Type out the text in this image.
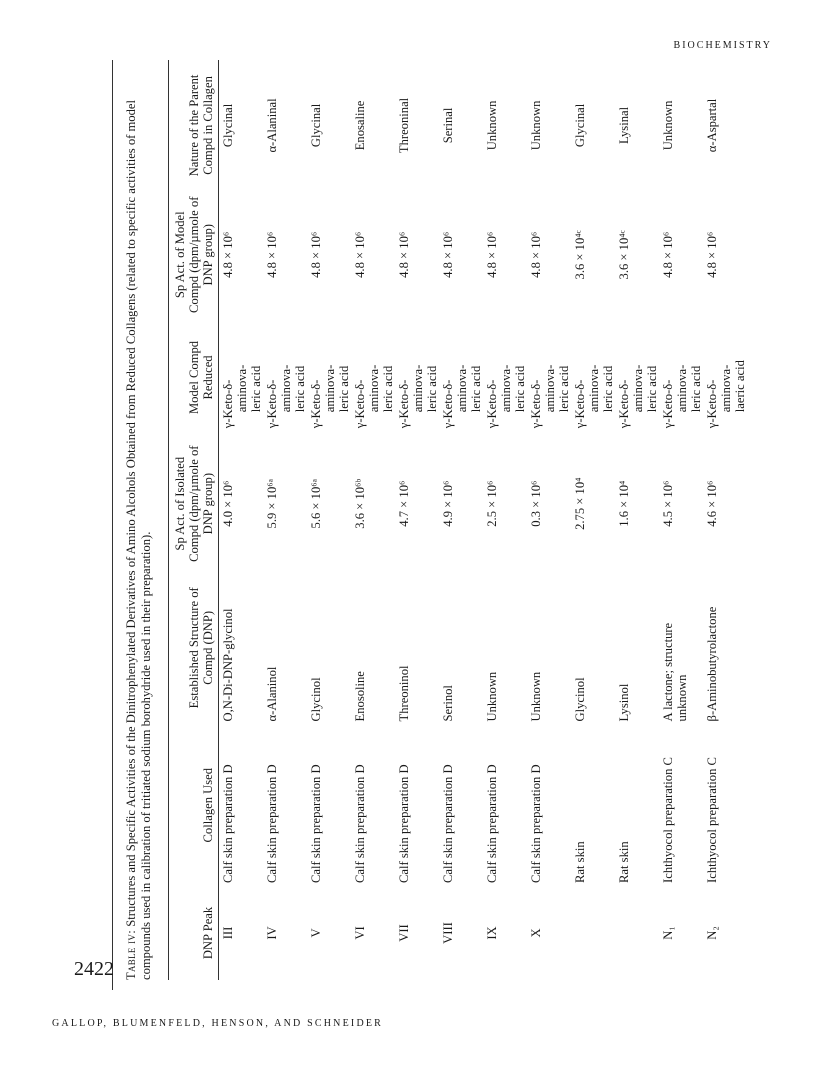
BIOCHEMISTRY
2422
GALLOP, BLUMENFELD, HENSON, AND SCHNEIDER
Table iv: Structures and Specific Activities of the Dinitrophenylated Derivatives of Amino Alcohols Obtained from Reduced Collagens (related to specific activities of model compounds used in calibration of tritiated sodium borohydride used in their preparation).	DNP Peak	Collagen Used	Established Structure of Compd (DNP)	Sp Act. of Isolated Compd (dpm/µmole of DNP group)	Model Compd Reduced	Sp Act. of Model Compd (dpm/µmole of DNP group)	Nature of the Parent Compd in Collagen
III	Calf skin preparation D	O,N-Di-DNP-glycinol	4.0 × 10⁶	γ-Keto-δ- aminova- leric acid	4.8 × 10⁶	Glycinal
IV	Calf skin preparation D	α-Alaninol	5.9 × 10⁶ᵃ	γ-Keto-δ- aminova- leric acid	4.8 × 10⁶	α-Alaninal
V	Calf skin preparation D	Glycinol	5.6 × 10⁶ᵃ	γ-Keto-δ- aminova- leric acid	4.8 × 10⁶	Glycinal
VI	Calf skin preparation D	Enosoline	3.6 × 10⁶ᵇ	γ-Keto-δ- aminova- leric acid	4.8 × 10⁶	Enosaline
VII	Calf skin preparation D	Threoninol	4.7 × 10⁶	γ-Keto-δ- aminova- leric acid	4.8 × 10⁶	Threoninal
VIII	Calf skin preparation D	Serinol	4.9 × 10⁶	γ-Keto-δ- aminova- leric acid	4.8 × 10⁶	Serinal
IX	Calf skin preparation D	Unknown	2.5 × 10⁶	γ-Keto-δ- aminova- leric acid	4.8 × 10⁶	Unknown
X	Calf skin preparation D	Unknown	0.3 × 10⁶	γ-Keto-δ- aminova- leric acid	4.8 × 10⁶	Unknown
	Rat skin	Glycinol	2.75 × 10⁴	γ-Keto-δ- aminova- leric acid	3.6 × 10⁴ᶜ	Glycinal
	Rat skin	Lysinol	1.6 × 10⁴	γ-Keto-δ- aminova- leric acid	3.6 × 10⁴ᶜ	Lysinal
N₁	Ichthyocol preparation C	A lactone; structure unknown	4.5 × 10⁶	γ-Keto-δ- aminova- leric acid	4.8 × 10⁶	Unknown
N₂	Ichthyocol preparation C	β-Aminobutyrolactone	4.6 × 10⁶	γ-Keto-δ- aminova- laeric acid	4.8 × 10⁶	α-Aspartal
